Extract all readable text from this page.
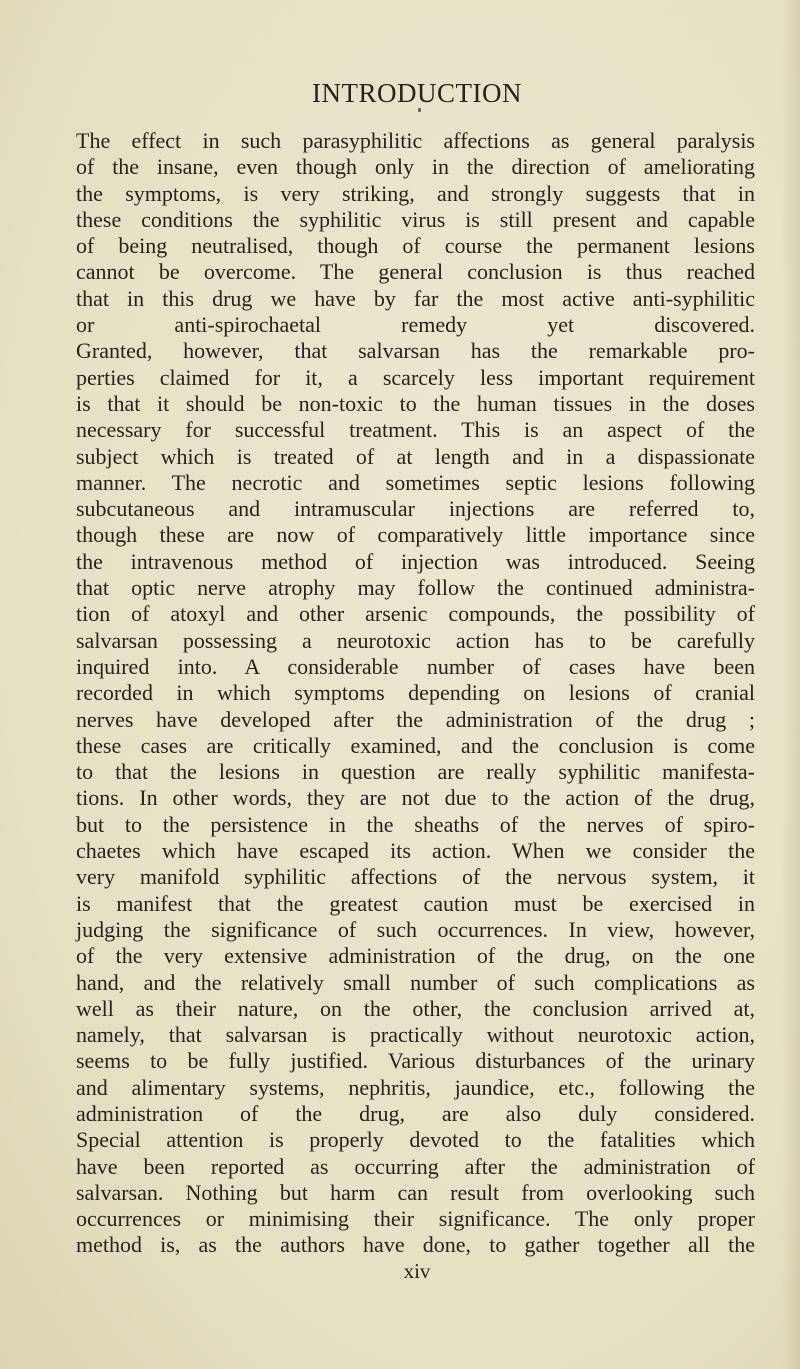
INTRODUCTION
The effect in such parasyphilitic affections as general paralysis
of the insane, even though only in the direction of ameliorating
the symptoms, is very striking, and strongly suggests that in
these conditions the syphilitic virus is still present and capable
of being neutralised, though of course the permanent lesions
cannot be overcome. The general conclusion is thus reached
that in this drug we have by far the most active anti-syphilitic
or anti-spirochaetal remedy yet discovered.
Granted, however, that salvarsan has the remarkable pro-
perties claimed for it, a scarcely less important requirement
is that it should be non-toxic to the human tissues in the doses
necessary for successful treatment. This is an aspect of the
subject which is treated of at length and in a dispassionate
manner. The necrotic and sometimes septic lesions following
subcutaneous and intramuscular injections are referred to,
though these are now of comparatively little importance since
the intravenous method of injection was introduced. Seeing
that optic nerve atrophy may follow the continued administra-
tion of atoxyl and other arsenic compounds, the possibility of
salvarsan possessing a neurotoxic action has to be carefully
inquired into. A considerable number of cases have been
recorded in which symptoms depending on lesions of cranial
nerves have developed after the administration of the drug ;
these cases are critically examined, and the conclusion is come
to that the lesions in question are really syphilitic manifesta-
tions. In other words, they are not due to the action of the drug,
but to the persistence in the sheaths of the nerves of spiro-
chaetes which have escaped its action. When we consider the
very manifold syphilitic affections of the nervous system, it
is manifest that the greatest caution must be exercised in
judging the significance of such occurrences. In view, however,
of the very extensive administration of the drug, on the one
hand, and the relatively small number of such complications as
well as their nature, on the other, the conclusion arrived at,
namely, that salvarsan is practically without neurotoxic action,
seems to be fully justified. Various disturbances of the urinary
and alimentary systems, nephritis, jaundice, etc., following the
administration of the drug, are also duly considered.
Special attention is properly devoted to the fatalities which
have been reported as occurring after the administration of
salvarsan. Nothing but harm can result from overlooking such
occurrences or minimising their significance. The only proper
method is, as the authors have done, to gather together all the
xiv
